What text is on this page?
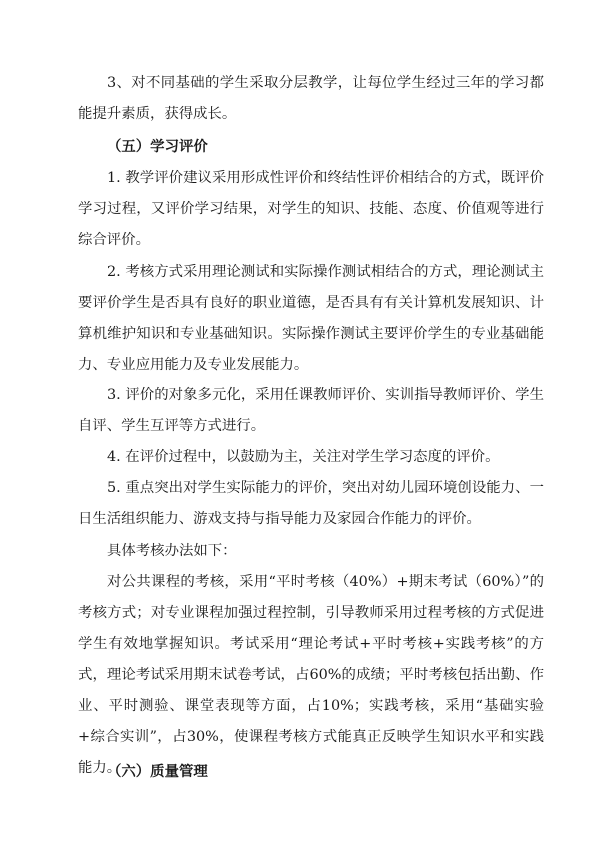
3、对不同基础的学生采取分层教学，让每位学生经过三年的学习都能提升素质，获得成长。

（五）学习评价

1. 教学评价建议采用形成性评价和终结性评价相结合的方式，既评价学习过程，又评价学习结果，对学生的知识、技能、态度、价值观等进行综合评价。

2. 考核方式采用理论测试和实际操作测试相结合的方式，理论测试主要评价学生是否具有良好的职业道德，是否具有有关计算机发展知识、计算机维护知识和专业基础知识。实际操作测试主要评价学生的专业基础能力、专业应用能力及专业发展能力。

3. 评价的对象多元化，采用任课教师评价、实训指导教师评价、学生自评、学生互评等方式进行。

4. 在评价过程中，以鼓励为主，关注对学生学习态度的评价。

5. 重点突出对学生实际能力的评价，突出对幼儿园环境创设能力、一日生活组织能力、游戏支持与指导能力及家园合作能力的评价。

具体考核办法如下：

对公共课程的考核，采用“平时考核（40%）+期末考试（60%）”的考核方式；对专业课程加强过程控制，引导教师采用过程考核的方式促进学生有效地掌握知识。考试采用“理论考试+平时考核+实践考核”的方式，理论考试采用期末试卷考试，占60%的成绩；平时考核包括出勤、作业、平时测验、课堂表现等方面，占10%；实践考核，采用“基础实验+综合实训”，占30%，使课程考核方式能真正反映学生知识水平和实践能力。

（六）质量管理
